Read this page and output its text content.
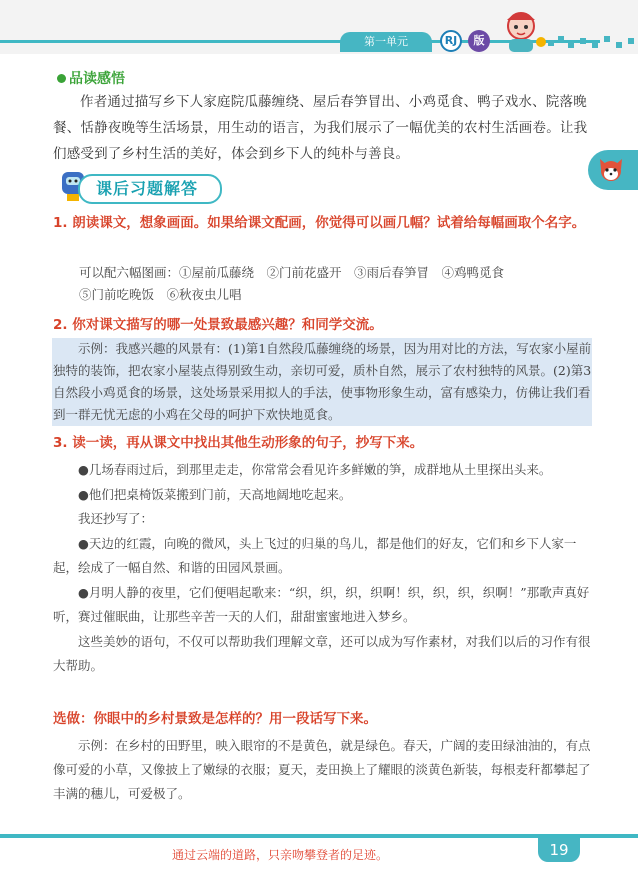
第一单元	RJ	版
品读感悟
作者通过描写乡下人家庭院瓜藤缠绕、屋后春笋冒出、小鸡觅食、鸭子戏水、院落晚餐、恬静夜晚等生活场景，用生动的语言，为我们展示了一幅优美的农村生活画卷。让我们感受到了乡村生活的美好，体会到乡下人的纯朴与善良。
课后习题解答
1. 朗读课文，想象画面。如果给课文配画，你觉得可以画几幅？试着给每幅画取个名字。
可以配六幅图画：①屋前瓜藤绕　②门前花盛开　③雨后春笋冒　④鸡鸭觅食　
⑤门前吃晚饭　⑥秋夜虫儿唱
2. 你对课文描写的哪一处景致最感兴趣？和同学交流。
示例：我感兴趣的风景有：(1)第1自然段瓜藤缠绕的场景，因为用对比的方法，写农家小屋前独特的装饰，把农家小屋装点得别致生动，亲切可爱，质朴自然，展示了农村独特的风景。(2)第3自然段小鸡觅食的场景，这处场景采用拟人的手法，使事物形象生动，富有感染力，仿佛让我们看到一群无忧无虑的小鸡在父母的呵护下欢快地觅食。
3. 读一读，再从课文中找出其他生动形象的句子，抄写下来。
●几场春雨过后，到那里走走，你常常会看见许多鲜嫩的笋，成群地从土里探出头来。
●他们把桌椅饭菜搬到门前，天高地阔地吃起来。
我还抄写了：
●天边的红霞，向晚的微风，头上飞过的归巢的鸟儿，都是他们的好友，它们和乡下人家一起，绘成了一幅自然、和谐的田园风景画。
●月明人静的夜里，它们便唱起歌来：“织，织，织，织啊！织，织，织，织啊！”那歌声真好听，赛过催眠曲，让那些辛苦一天的人们，甜甜蜜蜜地进入梦乡。
这些美妙的语句，不仅可以帮助我们理解文章，还可以成为写作素材，对我们以后的习作有很大帮助。
选做：你眼中的乡村景致是怎样的？用一段话写下来。
示例：在乡村的田野里，映入眼帘的不是黄色，就是绿色。春天，广阔的麦田绿油油的，有点像可爱的小草，又像披上了嫩绿的衣服；夏天，麦田换上了耀眼的淡黄色新装，每根麦秆都攀起了丰满的穗儿，可爱极了。
通过云端的道路，只亲吻攀登者的足迹。	19
